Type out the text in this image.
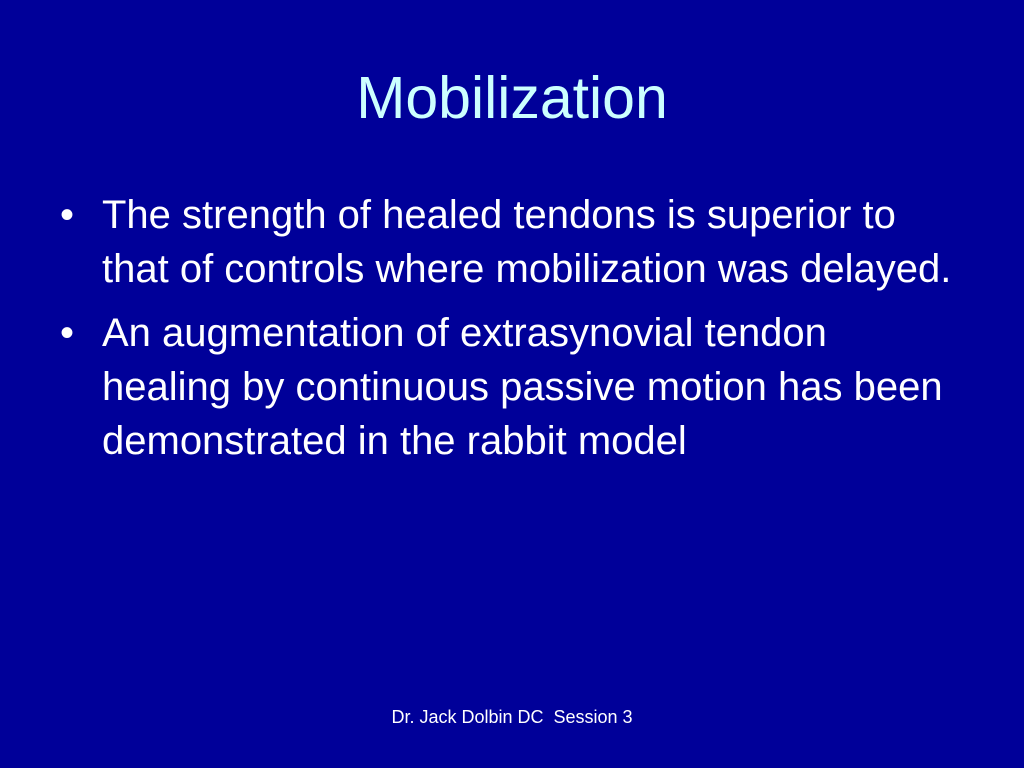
Mobilization
• The strength of healed tendons is superior to that of controls where mobilization was delayed.
• An augmentation of extrasynovial tendon healing by continuous passive motion has been demonstrated in the rabbit model
Dr. Jack Dolbin DC  Session 3
